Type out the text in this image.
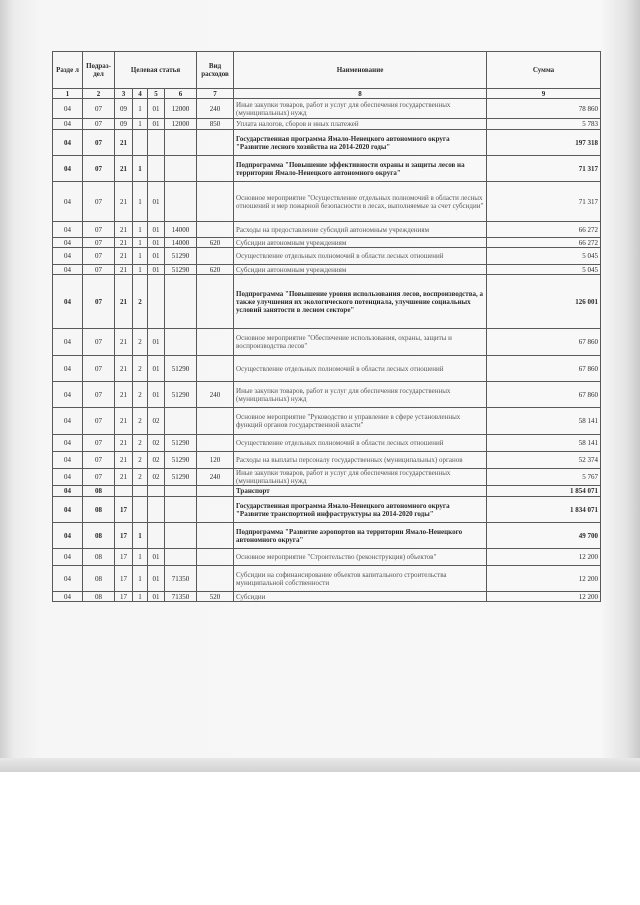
Разде л	Подраз- дел	Целевая статья				Вид расходов	Наименование	Сумма
1	2	3	4	5	6	7	8	9
04	07	09	1	01	12000	240	Иные закупки товаров, работ и услуг для обеспечения государственных (муниципальных) нужд	78 860
04	07	09	1	01	12000	850	Уплата налогов, сборов и иных платежей	5 783
04	07	21					Государственная программа Ямало-Ненецкого автономного округа "Развитие лесного хозяйства на 2014-2020 годы"	197 318
04	07	21	1				Подпрограмма "Повышение эффективности охраны и защиты лесов на территории Ямало-Ненецкого автономного округа"	71 317
04	07	21	1	01			Основное мероприятие "Осуществление отдельных полномочий в области лесных отношений и мер пожарной безопасности в лесах, выполняемые за счет субсидии"	71 317
04	07	21	1	01	14000		Расходы на предоставление субсидий автономным учреждениям	66 272
04	07	21	1	01	14000	620	Субсидии автономным учреждениям	66 272
04	07	21	1	01	51290		Осуществление отдельных полномочий в области лесных отношений	5 045
04	07	21	1	01	51290	620	Субсидии автономным учреждениям	5 045
04	07	21	2				Подпрограмма "Повышение уровня использования лесов, воспроизводства, а также улучшения их экологического потенциала, улучшение социальных условий занятости в лесном секторе"	126 001
04	07	21	2	01			Основное мероприятие "Обеспечение использования, охраны, защиты и воспроизводства лесов"	67 860
04	07	21	2	01	51290		Осуществление отдельных полномочий в области лесных отношений	67 860
04	07	21	2	01	51290	240	Иные закупки товаров, работ и услуг для обеспечения государственных (муниципальных) нужд	67 860
04	07	21	2	02			Основное мероприятие "Руководство и управление в сфере установленных функций органов государственной власти"	58 141
04	07	21	2	02	51290		Осуществление отдельных полномочий в области лесных отношений	58 141
04	07	21	2	02	51290	120	Расходы на выплаты персоналу государственных (муниципальных) органов	52 374
04	07	21	2	02	51290	240	Иные закупки товаров, работ и услуг для обеспечения государственных (муниципальных) нужд	5 767
04	08						Транспорт	1 854 071
04	08	17					Государственная программа Ямало-Ненецкого автономного округа "Развитие транспортной инфраструктуры на 2014-2020 годы"	1 834 071
04	08	17	1				Подпрограмма "Развитие аэропортов на территории Ямало-Ненецкого автономного округа"	49 700
04	08	17	1	01			Основное мероприятие "Строительство (реконструкция) объектов"	12 200
04	08	17	1	01	71350		Субсидии на софинансирование объектов капитального строительства муниципальной собственности	12 200
04	08	17	1	01	71350	520	Субсидии	12 200
